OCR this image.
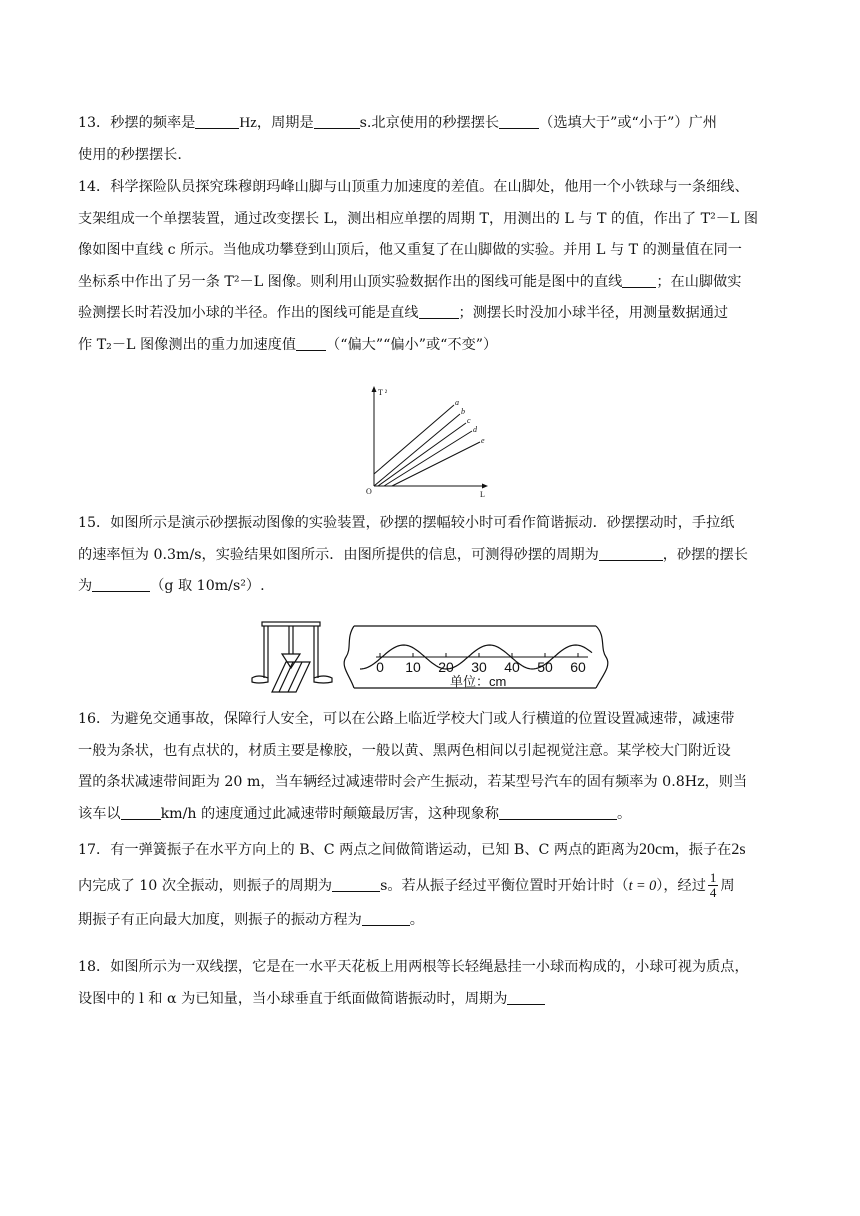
13．秒摆的频率是	Hz，周期是	s.北京使用的秒摆摆长	（选填大于”或“小于”）广州

使用的秒摆摆长.

14．科学探险队员探究珠穆朗玛峰山脚与山顶重力加速度的差值。在山脚处，他用一个小铁球与一条细线、

支架组成一个单摆装置，通过改变摆长 L，测出相应单摆的周期 T，用测出的 L 与 T 的值，作出了 T²－L 图

像如图中直线 c 所示。当他成功攀登到山顶后，他又重复了在山脚做的实验。并用 L 与 T 的测量值在同一

坐标系中作出了另一条 T²－L 图像。则利用山顶实验数据作出的图线可能是图中的直线 ；在山脚做实

验测摆长时若没加小球的半径。作出的图线可能是直线	；测摆长时没加小球半径，用测量数据通过

作 T₂－L 图像测出的重力加速度值 （“偏大”“偏小”或“不变”）

T ²
L
O
a
b
c
d
e

15．如图所示是演示砂摆振动图像的实验装置，砂摆的摆幅较小时可看作简谐振动．砂摆摆动时，手拉纸

的速率恒为 0.3m/s，实验结果如图所示．由图所提供的信息，可测得砂摆的周期为	，砂摆的摆长

为	（g 取 10m/s²）.

0 10 20 30 40 50 60
单位：cm

16．为避免交通事故，保障行人安全，可以在公路上临近学校大门或人行横道的位置设置减速带，减速带

一般为条状，也有点状的，材质主要是橡胶，一般以黄、黑两色相间以引起视觉注意。某学校大门附近设

置的条状减速带间距为 20 m，当车辆经过减速带时会产生振动，若某型号汽车的固有频率为 0.8Hz，则当

该车以	km/h 的速度通过此减速带时颠簸最厉害，这种现象称	。

17．有一弹簧振子在水平方向上的 B、C 两点之间做简谐运动，已知 B、C 两点的距离为20cm，振子在2s

内完成了 10 次全振动，则振子的周期为	s。若从振子经过平衡位置时开始计时（t = 0），经过 $\frac{1}{4}$ 周

期振子有正向最大加度，则振子的振动方程为	。

18．如图所示为一双线摆，它是在一水平天花板上用两根等长轻绳悬挂一小球而构成的，小球可视为质点，

设图中的 l 和 α 为已知量，当小球垂直于纸面做简谐振动时，周期为
